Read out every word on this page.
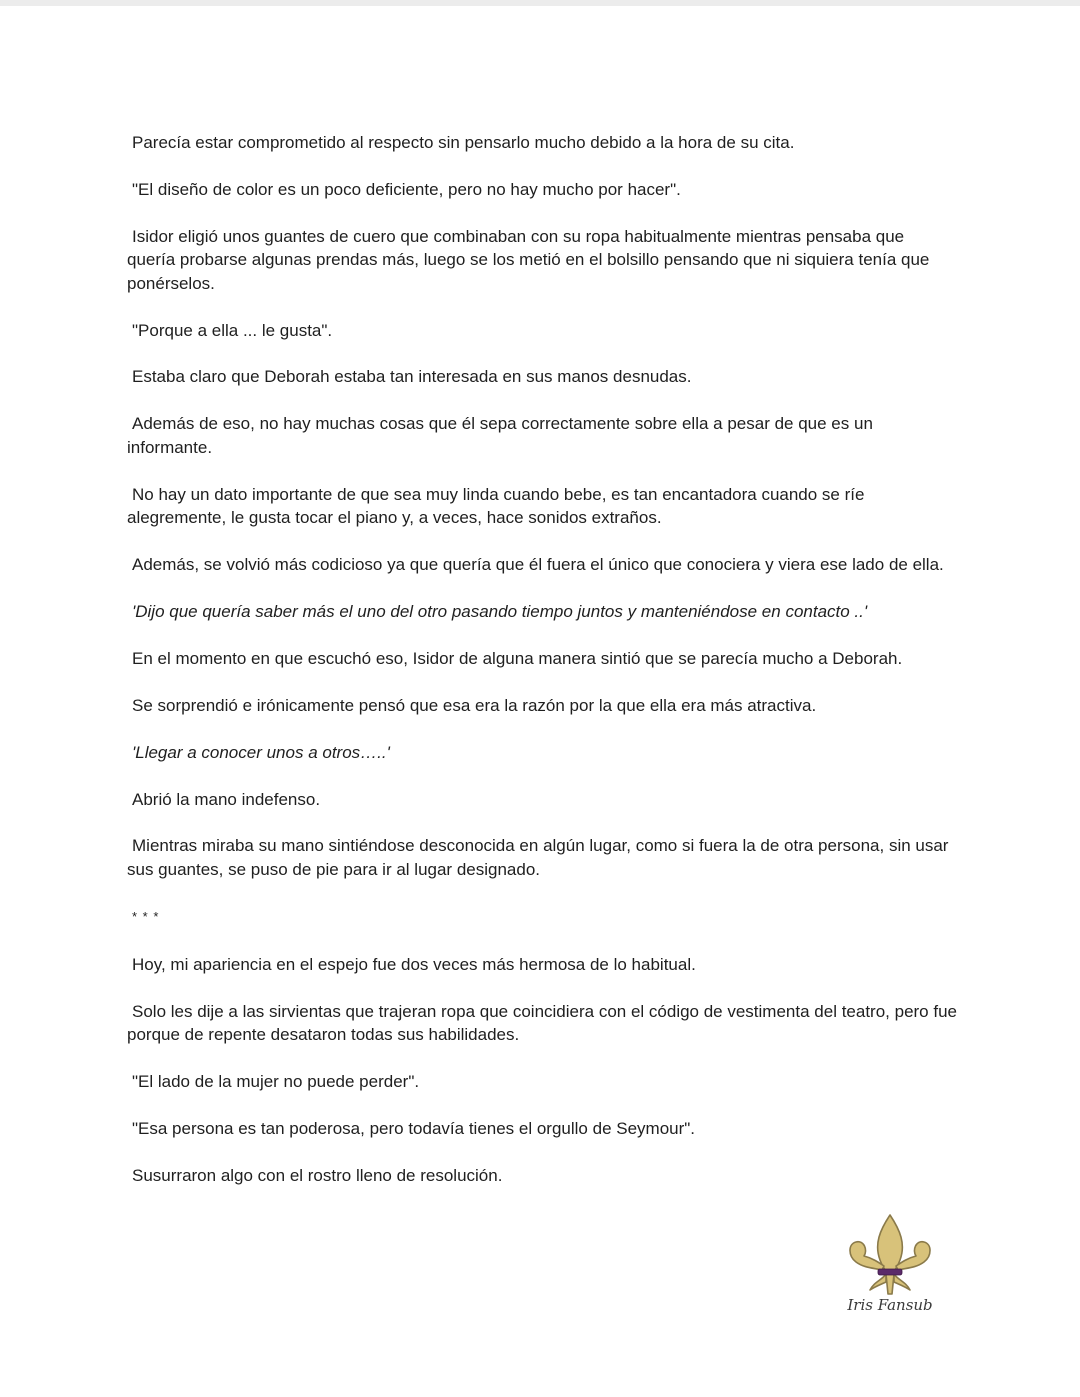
Parecía estar comprometido al respecto sin pensarlo mucho debido a la hora de su cita.

"El diseño de color es un poco deficiente, pero no hay mucho por hacer".

Isidor eligió unos guantes de cuero que combinaban con su ropa habitualmente mientras pensaba que quería probarse algunas prendas más, luego se los metió en el bolsillo pensando que ni siquiera tenía que ponérselos.

"Porque a ella ... le gusta".

Estaba claro que Deborah estaba tan interesada en sus manos desnudas.

Además de eso, no hay muchas cosas que él sepa correctamente sobre ella a pesar de que es un informante.

No hay un dato importante de que sea muy linda cuando bebe, es tan encantadora cuando se ríe alegremente, le gusta tocar el piano y, a veces, hace sonidos extraños.

Además, se volvió más codicioso ya que quería que él fuera el único que conociera y viera ese lado de ella.

'Dijo que quería saber más el uno del otro pasando tiempo juntos y manteniéndose en contacto ..'

En el momento en que escuchó eso, Isidor de alguna manera sintió que se parecía mucho a Deborah.

Se sorprendió e irónicamente pensó que esa era la razón por la que ella era más atractiva.

'Llegar a conocer unos a otros…..'

Abrió la mano indefenso.

Mientras miraba su mano sintiéndose desconocida en algún lugar, como si fuera la de otra persona, sin usar sus guantes, se puso de pie para ir al lugar designado.

* * *

Hoy, mi apariencia en el espejo fue dos veces más hermosa de lo habitual.

Solo les dije a las sirvientas que trajeran ropa que coincidiera con el código de vestimenta del teatro, pero fue porque de repente desataron todas sus habilidades.

"El lado de la mujer no puede perder".

"Esa persona es tan poderosa, pero todavía tienes el orgullo de Seymour".

Susurraron algo con el rostro lleno de resolución.

Iris Fansub
